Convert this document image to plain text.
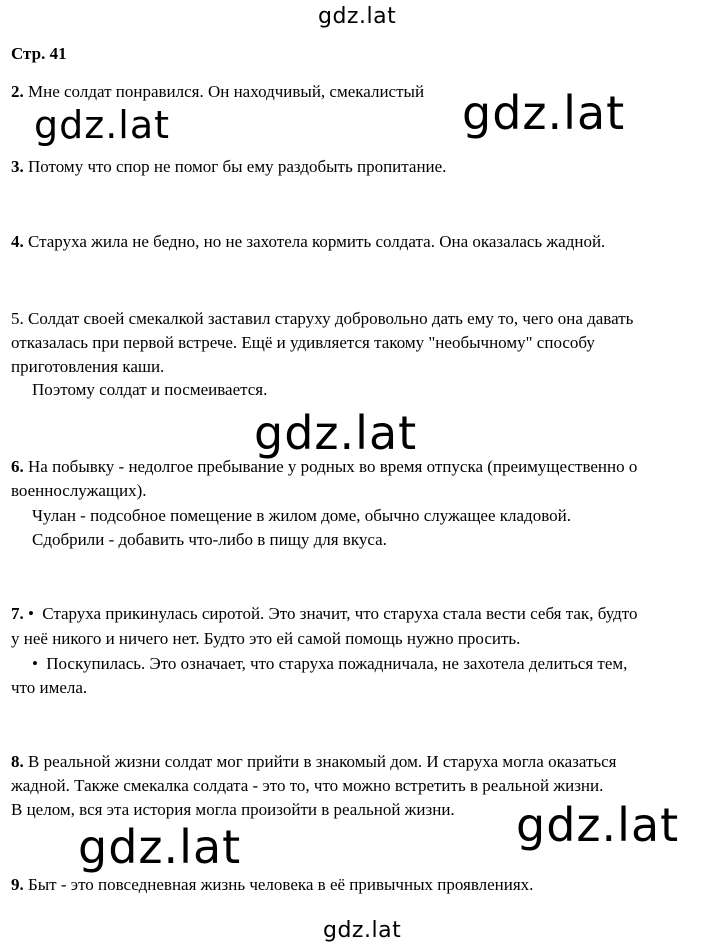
gdz.lat
gdz.lat	gdz.lat
gdz.lat
gdz.lat
gdz.lat
gdz.lat
Стр. 41
2. Мне солдат понравился. Он находчивый, смекалистый
3. Потому что спор не помог бы ему раздобыть пропитание.
4. Старуха жила не бедно, но не захотела кормить солдата. Она оказалась жадной.
5. Солдат своей смекалкой заставил старуху добровольно дать ему то, чего она давать
отказалась при первой встрече. Ещё и удивляется такому "необычному" способу
приготовления каши.
Поэтому солдат и посмеивается.
6. На побывку - недолгое пребывание у родных во время отпуска (преимущественно о
военнослужащих).
Чулан - подсобное помещение в жилом доме, обычно служащее кладовой.
Сдобрили - добавить что-либо в пищу для вкуса.
7. • Старуха прикинулась сиротой. Это значит, что старуха стала вести себя так, будто
у неё никого и ничего нет. Будто это ей самой помощь нужно просить.
• Поскупилась. Это означает, что старуха пожадничала, не захотела делиться тем,
что имела.
8. В реальной жизни солдат мог прийти в знакомый дом. И старуха могла оказаться
жадной. Также смекалка солдата - это то, что можно встретить в реальной жизни.
В целом, вся эта история могла произойти в реальной жизни.
9. Быт - это повседневная жизнь человека в её привычных проявлениях.
